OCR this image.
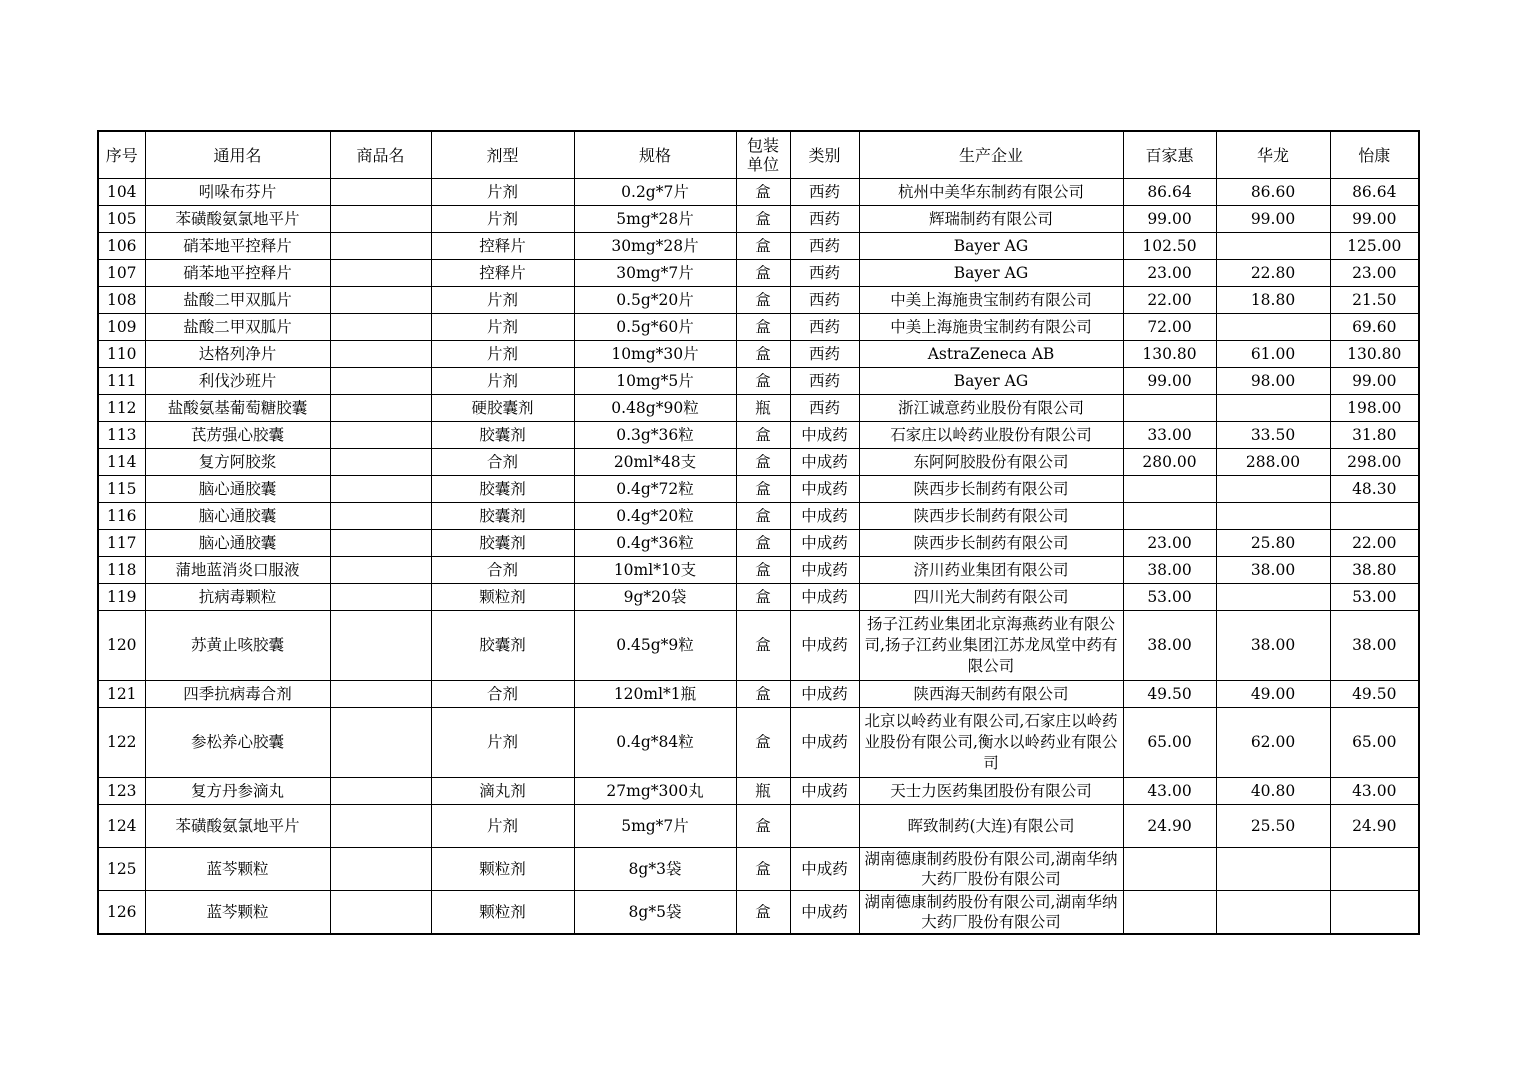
序号	通用名	商品名	剂型	规格	包装单位	类别	生产企业	百家惠	华龙	怡康
104	吲哚布芬片		片剂	0.2g*7片	盒	西药	杭州中美华东制药有限公司	86.64	86.60	86.64
105	苯磺酸氨氯地平片		片剂	5mg*28片	盒	西药	辉瑞制药有限公司	99.00	99.00	99.00
106	硝苯地平控释片		控释片	30mg*28片	盒	西药	Bayer AG	102.50		125.00
107	硝苯地平控释片		控释片	30mg*7片	盒	西药	Bayer AG	23.00	22.80	23.00
108	盐酸二甲双胍片		片剂	0.5g*20片	盒	西药	中美上海施贵宝制药有限公司	22.00	18.80	21.50
109	盐酸二甲双胍片		片剂	0.5g*60片	盒	西药	中美上海施贵宝制药有限公司	72.00		69.60
110	达格列净片		片剂	10mg*30片	盒	西药	AstraZeneca AB	130.80	61.00	130.80
111	利伐沙班片		片剂	10mg*5片	盒	西药	Bayer AG	99.00	98.00	99.00
112	盐酸氨基葡萄糖胶囊		硬胶囊剂	0.48g*90粒	瓶	西药	浙江诚意药业股份有限公司			198.00
113	芪苈强心胶囊		胶囊剂	0.3g*36粒	盒	中成药	石家庄以岭药业股份有限公司	33.00	33.50	31.80
114	复方阿胶浆		合剂	20ml*48支	盒	中成药	东阿阿胶股份有限公司	280.00	288.00	298.00
115	脑心通胶囊		胶囊剂	0.4g*72粒	盒	中成药	陕西步长制药有限公司			48.30
116	脑心通胶囊		胶囊剂	0.4g*20粒	盒	中成药	陕西步长制药有限公司			
117	脑心通胶囊		胶囊剂	0.4g*36粒	盒	中成药	陕西步长制药有限公司	23.00	25.80	22.00
118	蒲地蓝消炎口服液		合剂	10ml*10支	盒	中成药	济川药业集团有限公司	38.00	38.00	38.80
119	抗病毒颗粒		颗粒剂	9g*20袋	盒	中成药	四川光大制药有限公司	53.00		53.00
120	苏黄止咳胶囊		胶囊剂	0.45g*9粒	盒	中成药	扬子江药业集团北京海燕药业有限公司,扬子江药业集团江苏龙凤堂中药有限公司	38.00	38.00	38.00
121	四季抗病毒合剂		合剂	120ml*1瓶	盒	中成药	陕西海天制药有限公司	49.50	49.00	49.50
122	参松养心胶囊		片剂	0.4g*84粒	盒	中成药	北京以岭药业有限公司,石家庄以岭药业股份有限公司,衡水以岭药业有限公司	65.00	62.00	65.00
123	复方丹参滴丸		滴丸剂	27mg*300丸	瓶	中成药	天士力医药集团股份有限公司	43.00	40.80	43.00
124	苯磺酸氨氯地平片		片剂	5mg*7片	盒		晖致制药(大连)有限公司	24.90	25.50	24.90
125	蓝芩颗粒		颗粒剂	8g*3袋	盒	中成药	湖南德康制药股份有限公司,湖南华纳大药厂股份有限公司			
126	蓝芩颗粒		颗粒剂	8g*5袋	盒	中成药	湖南德康制药股份有限公司,湖南华纳大药厂股份有限公司			
